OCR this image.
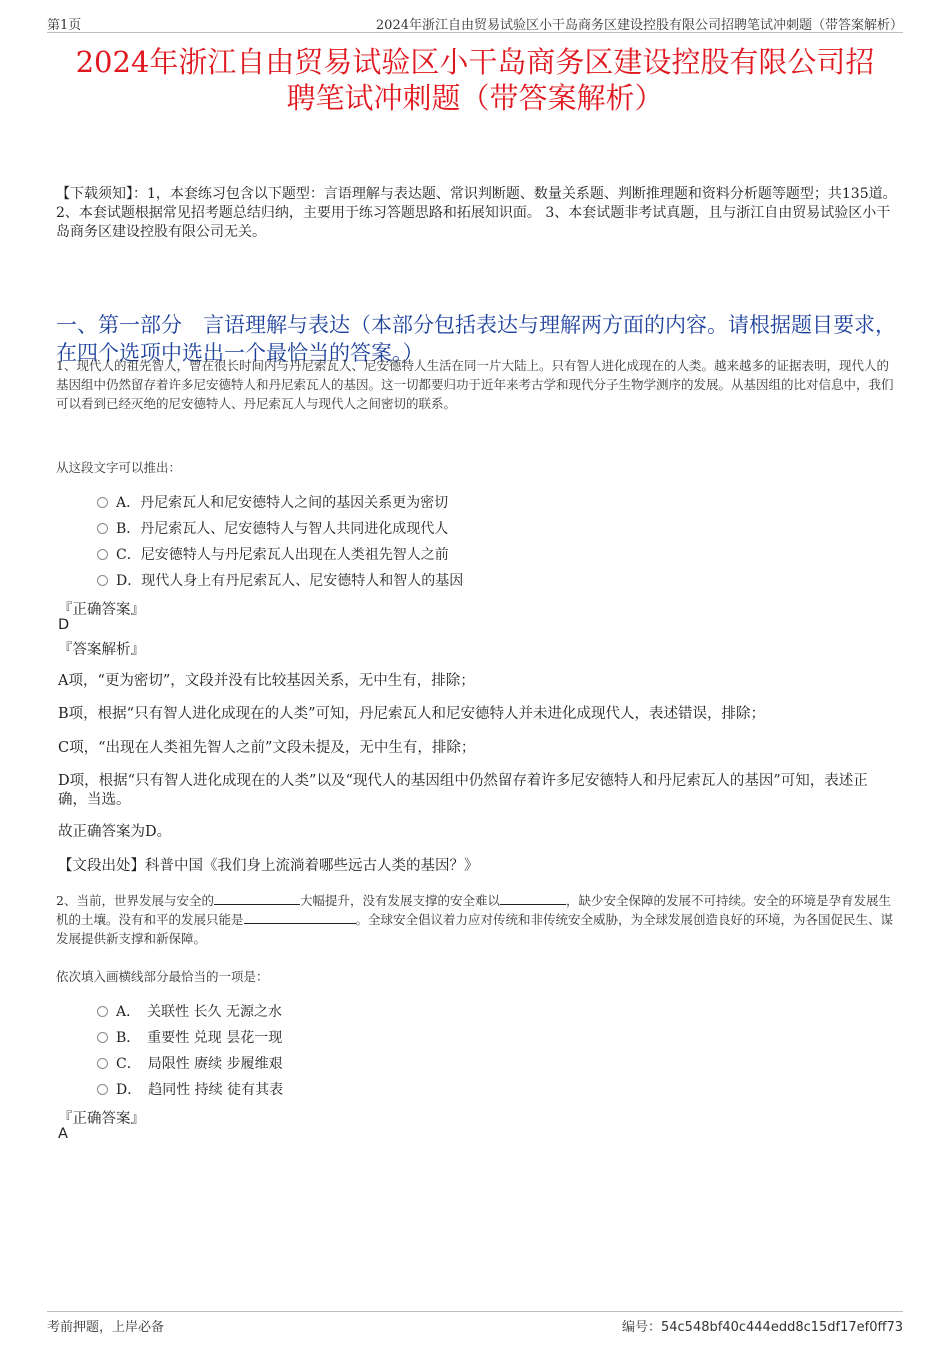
第1页	2024年浙江自由贸易试验区小干岛商务区建设控股有限公司招聘笔试冲刺题（带答案解析）
2024年浙江自由贸易试验区小干岛商务区建设控股有限公司招
聘笔试冲刺题（带答案解析）
【下载须知】：1，本套练习包含以下题型：言语理解与表达题、常识判断题、数量关系题、判断推理题和资料分析题等题型；共135道。 2、本套试题根据常见招考题总结归纳，主要用于练习答题思路和拓展知识面。 3、本套试题非考试真题，且与浙江自由贸易试验区小干岛商务区建设控股有限公司无关。
一、第一部分　言语理解与表达（本部分包括表达与理解两方面的内容。请根据题目要求，在四个选项中选出一个最恰当的答案。）
1、现代人的祖先智人，曾在很长时间内与丹尼索瓦人、尼安德特人生活在同一片大陆上。只有智人进化成现在的人类。越来越多的证据表明，现代人的基因组中仍然留存着许多尼安德特人和丹尼索瓦人的基因。这一切都要归功于近年来考古学和现代分子生物学测序的发展。从基因组的比对信息中，我们可以看到已经灭绝的尼安德特人、丹尼索瓦人与现代人之间密切的联系。
从这段文字可以推出：
A．丹尼索瓦人和尼安德特人之间的基因关系更为密切
B．丹尼索瓦人、尼安德特人与智人共同进化成现代人
C．尼安德特人与丹尼索瓦人出现在人类祖先智人之前
D．现代人身上有丹尼索瓦人、尼安德特人和智人的基因
『正确答案』
D
『答案解析』
A项，“更为密切”，文段并没有比较基因关系，无中生有，排除；
B项，根据“只有智人进化成现在的人类”可知，丹尼索瓦人和尼安德特人并未进化成现代人，表述错误，排除；
C项，“出现在人类祖先智人之前”文段未提及，无中生有，排除；
D项，根据“只有智人进化成现在的人类”以及“现代人的基因组中仍然留存着许多尼安德特人和丹尼索瓦人的基因”可知，表述正确，当选。
故正确答案为D。
【文段出处】科普中国《我们身上流淌着哪些远古人类的基因？》
2、当前，世界发展与安全的	大幅提升，没有发展支撑的安全难以	，缺少安全保障的发展不可持续。安全的环境是孕育发展生机的土壤。没有和平的发展只能是	。全球安全倡议着力应对传统和非传统安全威胁，为全球发展创造良好的环境，为各国促民生、谋发展提供新支撑和新保障。
依次填入画横线部分最恰当的一项是：
A．　关联性 长久 无源之水
B．　重要性 兑现 昙花一现
C．　局限性 赓续 步履维艰
D．　趋同性 持续 徒有其表
『正确答案』
A
考前押题，上岸必备	编号：54c548bf40c444edd8c15df17ef0ff73
